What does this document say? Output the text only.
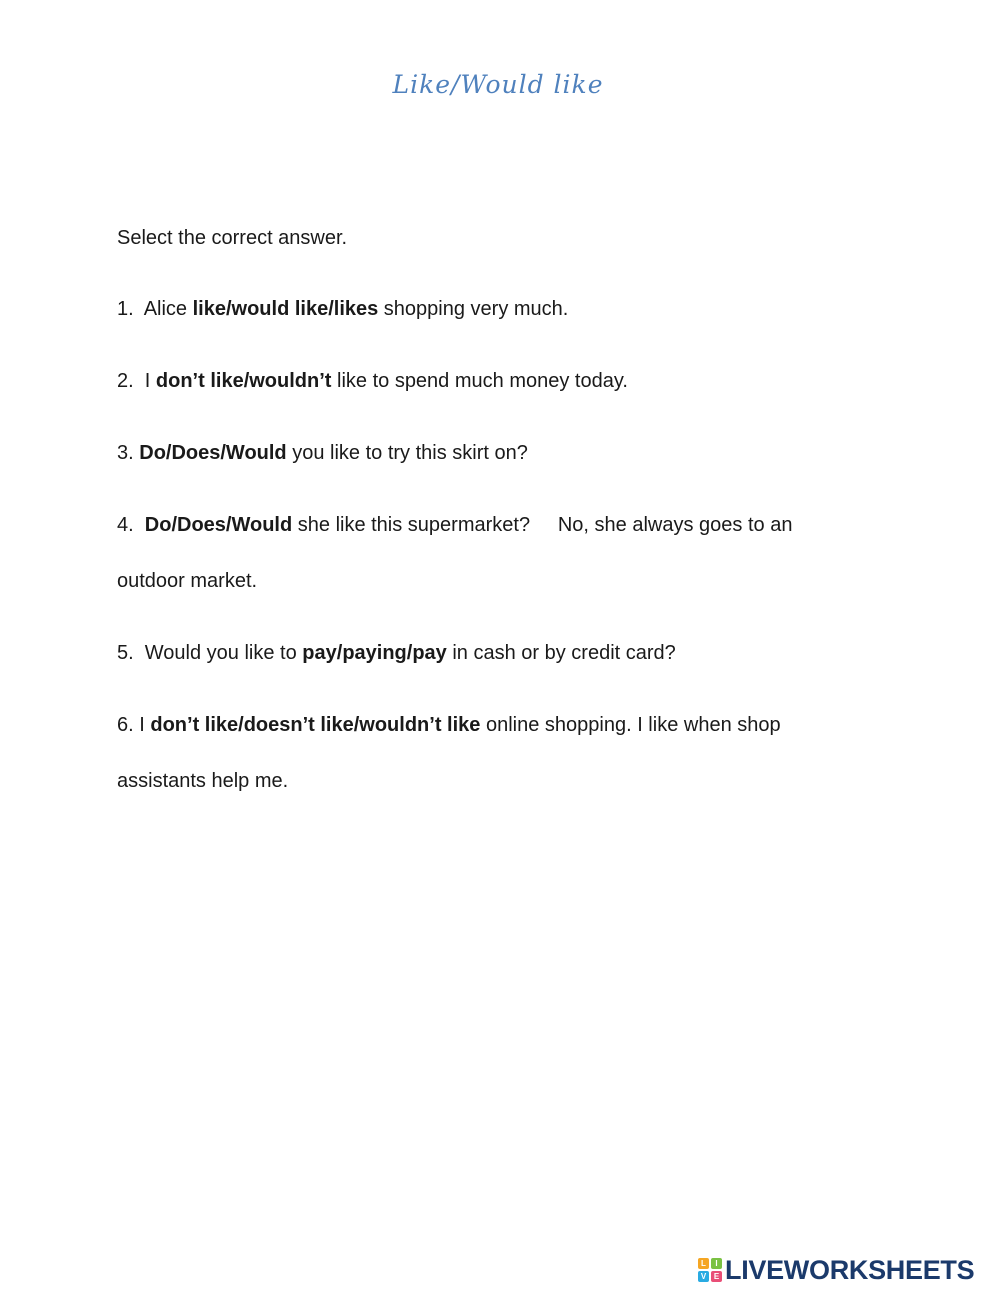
Like/Would like
Select the correct answer.
1.  Alice like/would like/likes shopping very much.
2.  I don’t like/wouldn’t like to spend much money today.
3. Do/Does/Would you like to try this skirt on?
4.  Do/Does/Would she like this supermarket?     No, she always goes to an
outdoor market.
5.  Would you like to pay/paying/pay in cash or by credit card?
6. I don’t like/doesn’t like/wouldn’t like online shopping. I like when shop
assistants help me.
L	I
V E LIVEWORKSHEETS
